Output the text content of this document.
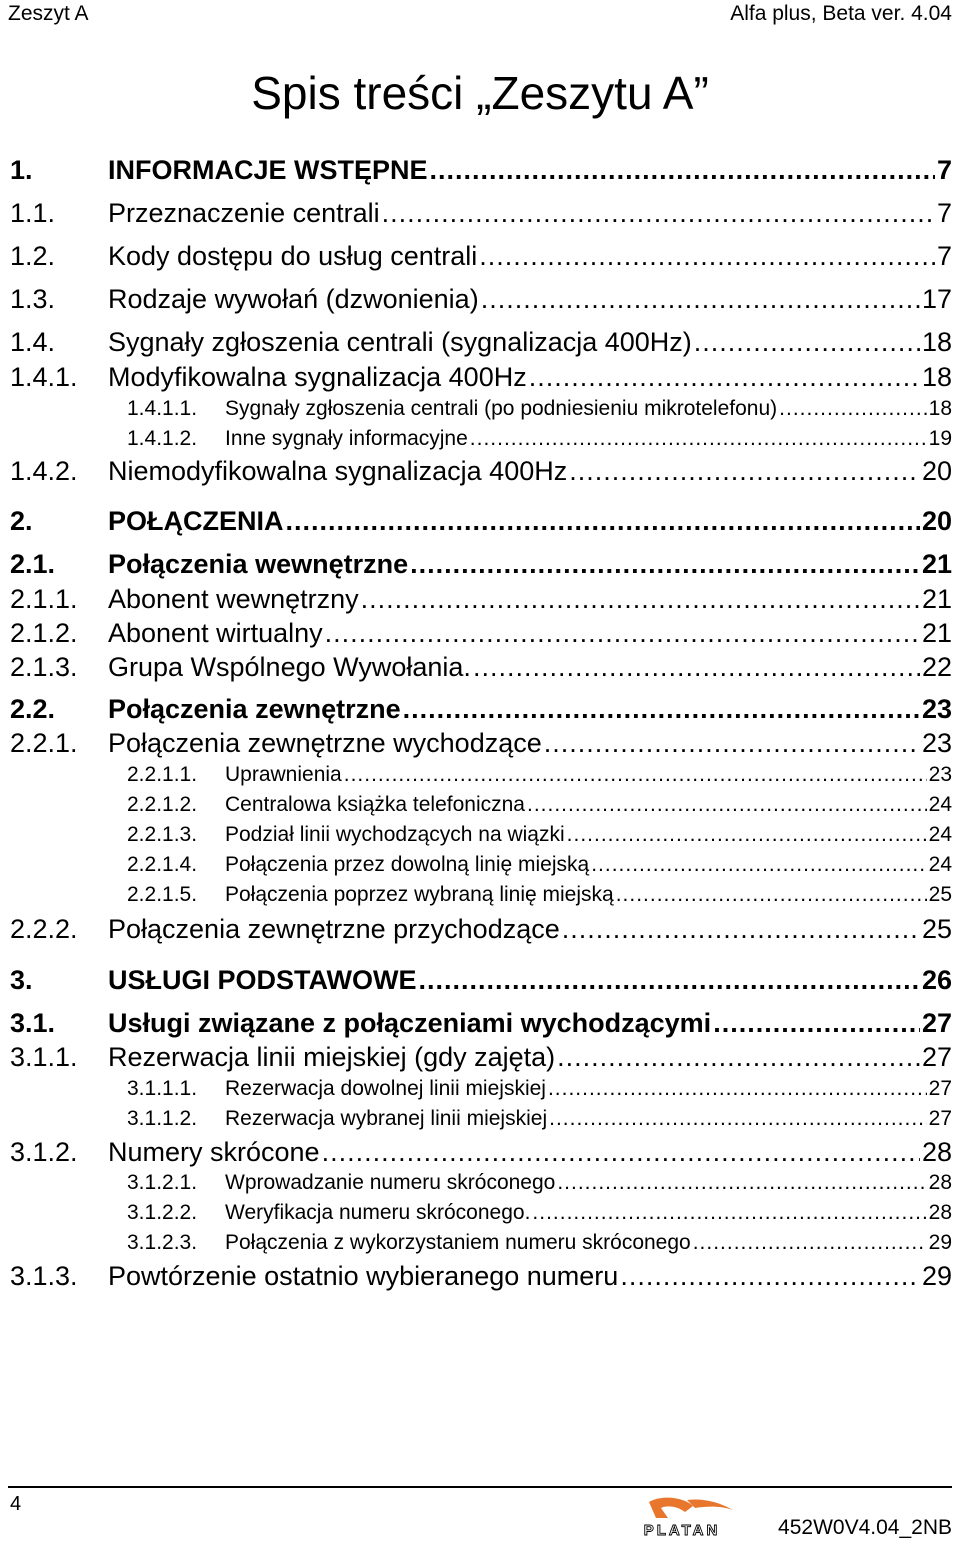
Zeszyt A	Alfa plus, Beta ver. 4.04
Spis treści „Zeszytu A”
1.	INFORMACJE WSTĘPNE .....	7
1.1.	Przeznaczenie centrali .....	7
1.2.	Kody dostępu do usług centrali .....	7
1.3.	Rodzaje wywołań (dzwonienia) .....	17
1.4.	Sygnały zgłoszenia centrali (sygnalizacja 400Hz) .....	18
1.4.1.	Modyfikowalna sygnalizacja 400Hz .....	18
1.4.1.1.	Sygnały zgłoszenia centrali (po podniesieniu mikrotelefonu) .....	18
1.4.1.2.	Inne sygnały informacyjne .....	19
1.4.2.	Niemodyfikowalna sygnalizacja 400Hz .....	20
2.	POŁĄCZENIA .....	20
2.1.	Połączenia wewnętrzne .....	21
2.1.1.	Abonent wewnętrzny .....	21
2.1.2.	Abonent wirtualny .....	21
2.1.3.	Grupa Wspólnego Wywołania. .....	22
2.2.	Połączenia zewnętrzne .....	23
2.2.1.	Połączenia zewnętrzne wychodzące .....	23
2.2.1.1.	Uprawnienia .....	23
2.2.1.2.	Centralowa książka telefoniczna .....	24
2.2.1.3.	Podział linii wychodzących na wiązki .....	24
2.2.1.4.	Połączenia przez dowolną linię miejską .....	24
2.2.1.5.	Połączenia poprzez wybraną linię miejską .....	25
2.2.2.	Połączenia zewnętrzne przychodzące .....	25
3.	USŁUGI PODSTAWOWE .....	26
3.1.	Usługi związane z połączeniami wychodzącymi .....	27
3.1.1.	Rezerwacja linii miejskiej (gdy zajęta) .....	27
3.1.1.1.	Rezerwacja dowolnej linii miejskiej .....	27
3.1.1.2.	Rezerwacja wybranej linii miejskiej .....	27
3.1.2.	Numery skrócone .....	28
3.1.2.1.	Wprowadzanie numeru skróconego .....	28
3.1.2.2.	Weryfikacja numeru skróconego. .....	28
3.1.2.3.	Połączenia z wykorzystaniem numeru skróconego .....	29
3.1.3.	Powtórzenie ostatnio wybieranego numeru .....	29
4
PLATAN	452W0V4.04_2NB
